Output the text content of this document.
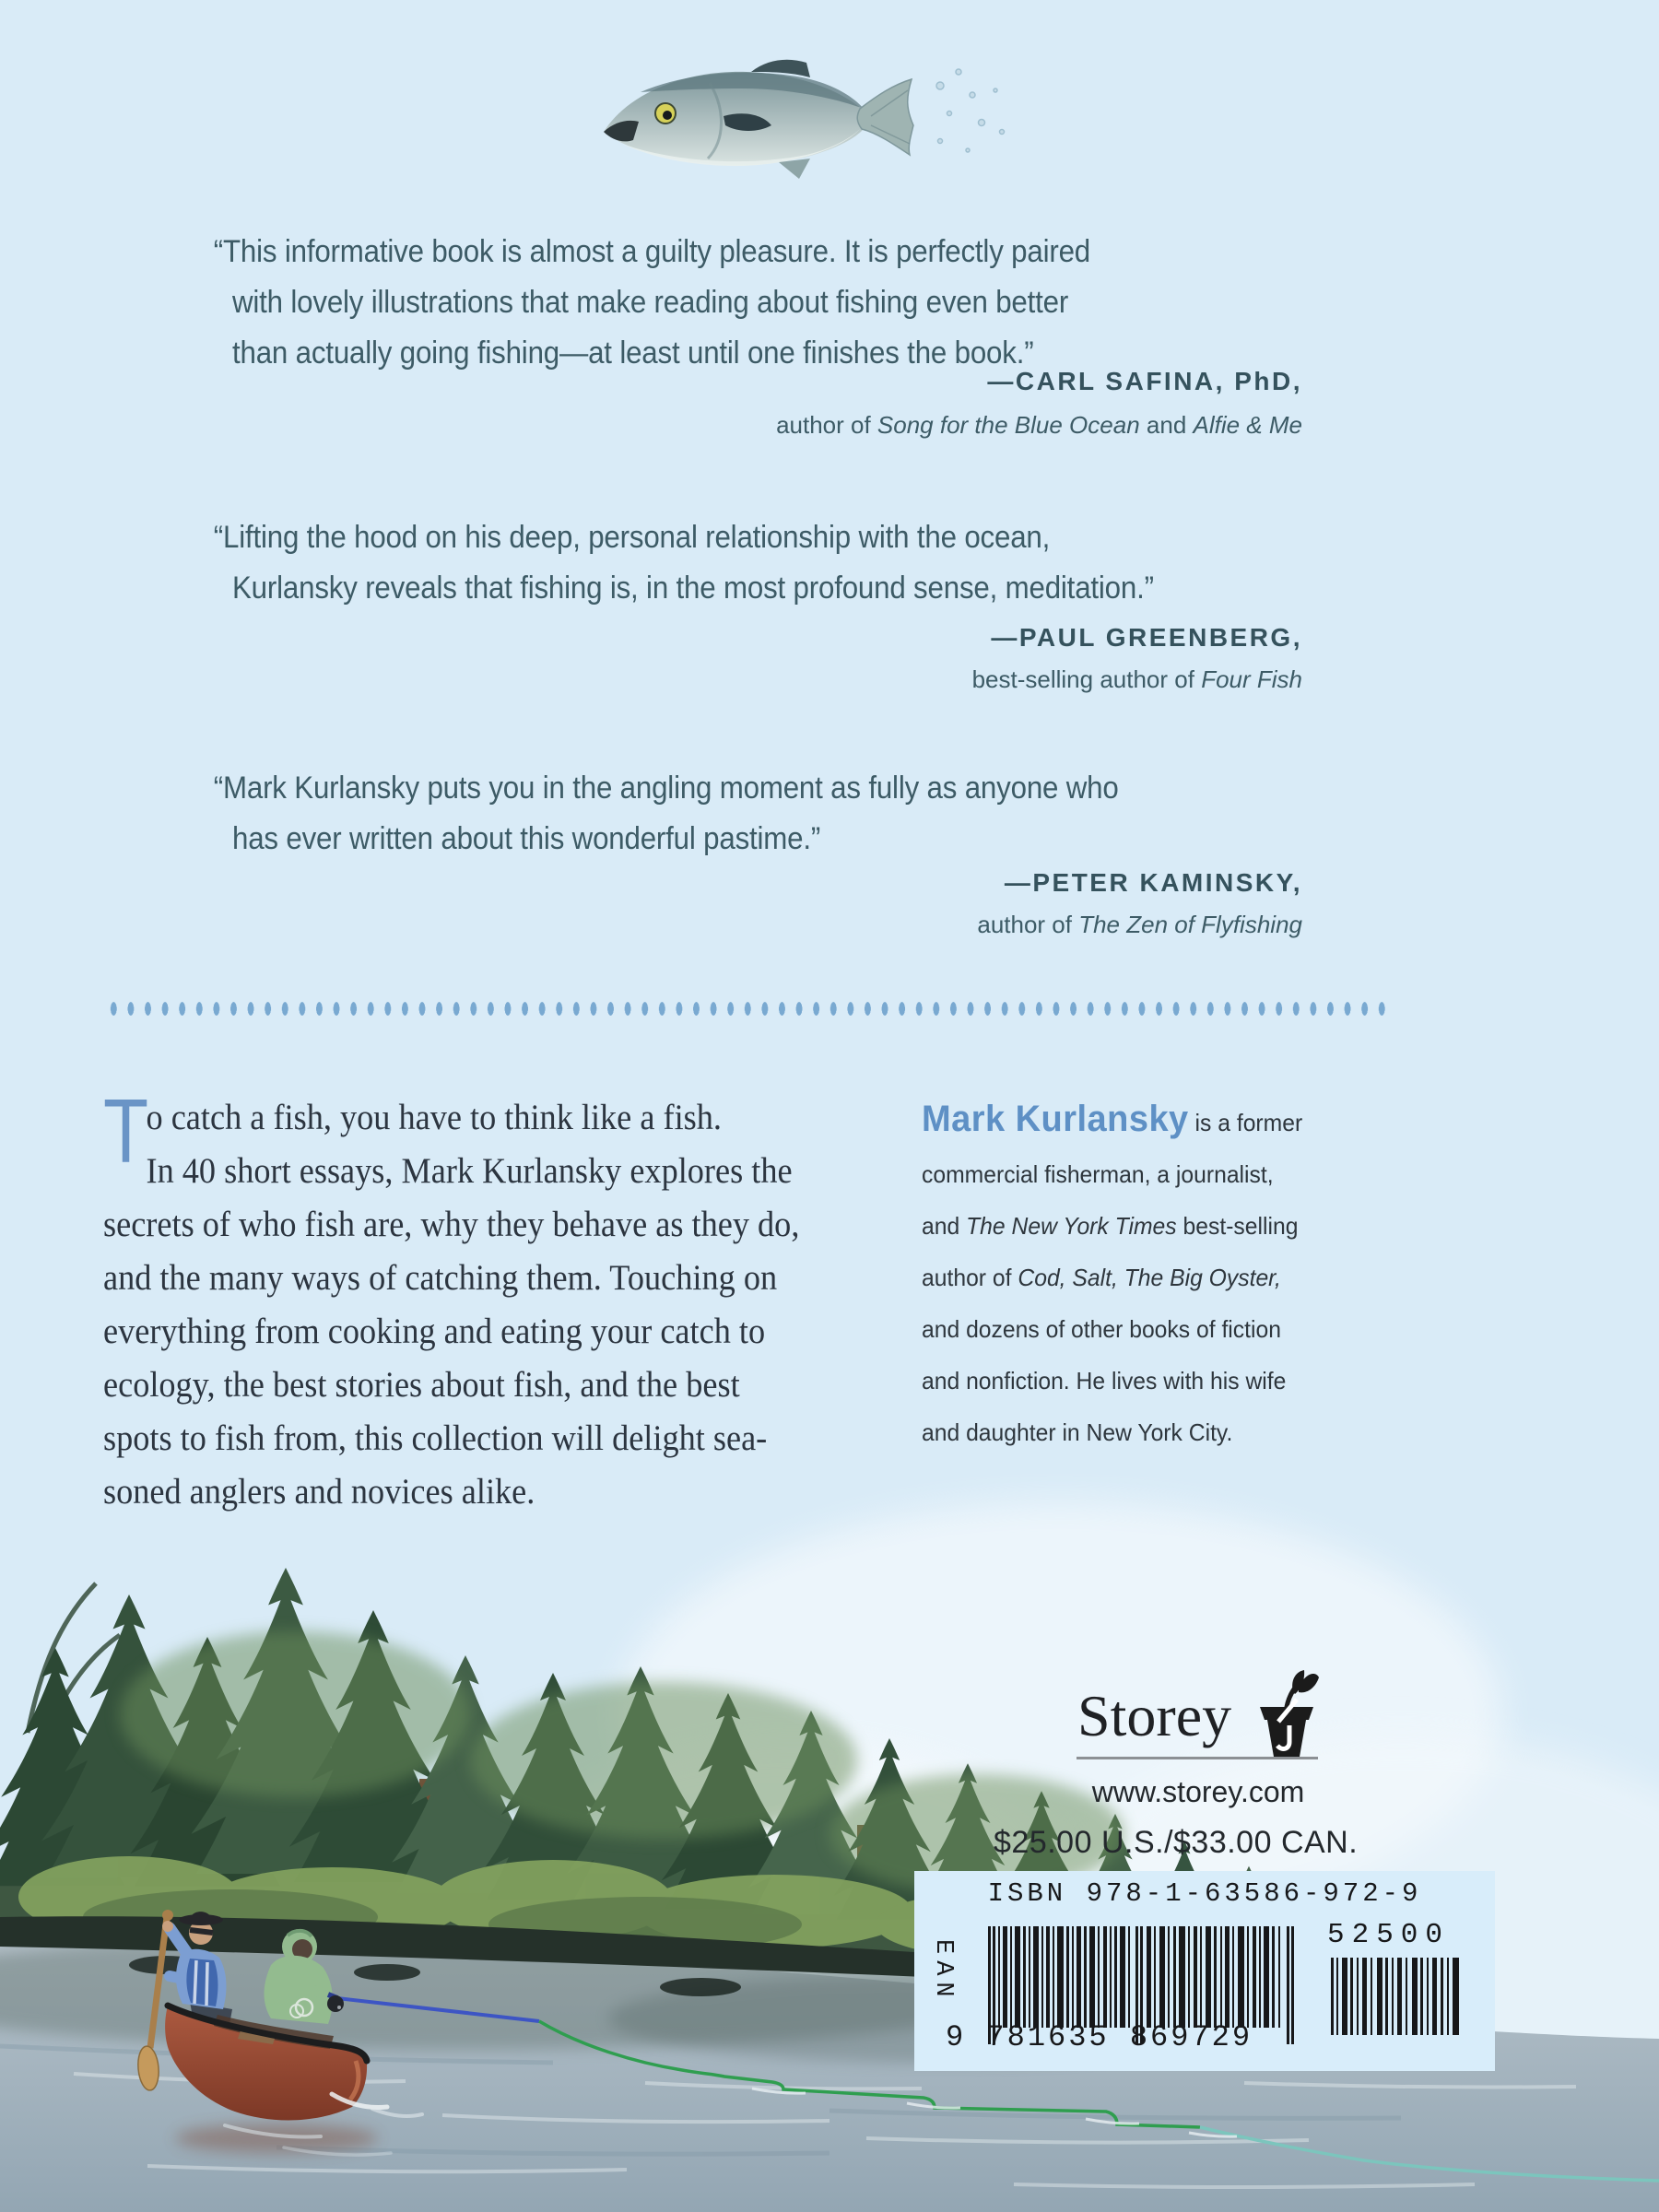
“This informative book is almost a guilty pleasure. It is perfectly paired
with lovely illustrations that make reading about fishing even better
than actually going fishing—at least until one finishes the book.”
—CARL SAFINA, PhD,
author of Song for the Blue Ocean and Alfie & Me
“Lifting the hood on his deep, personal relationship with the ocean,
Kurlansky reveals that fishing is, in the most profound sense, meditation.”
—PAUL GREENBERG,
best-selling author of Four Fish
“Mark Kurlansky puts you in the angling moment as fully as anyone who
has ever written about this wonderful pastime.”
—PETER KAMINSKY,
author of The Zen of Flyfishing
T
o catch a fish, you have to think like a fish.
In 40 short essays, Mark Kurlansky explores the
secrets of who fish are, why they behave as they do,
and the many ways of catching them. Touching on
everything from cooking and eating your catch to
ecology, the best stories about fish, and the best
spots to fish from, this collection will delight sea-
soned anglers and novices alike.
Mark Kurlansky is a former
commercial fisherman, a journalist,
and The New York Times best-selling
author of Cod, Salt, The Big Oyster,
and dozens of other books of fiction
and nonfiction. He lives with his wife
and daughter in New York City.
Storey
www.storey.com
$25.00 U.S./$33.00 CAN.
ISBN 978-1-63586-972-9
EAN
9 781635 869729
52500
